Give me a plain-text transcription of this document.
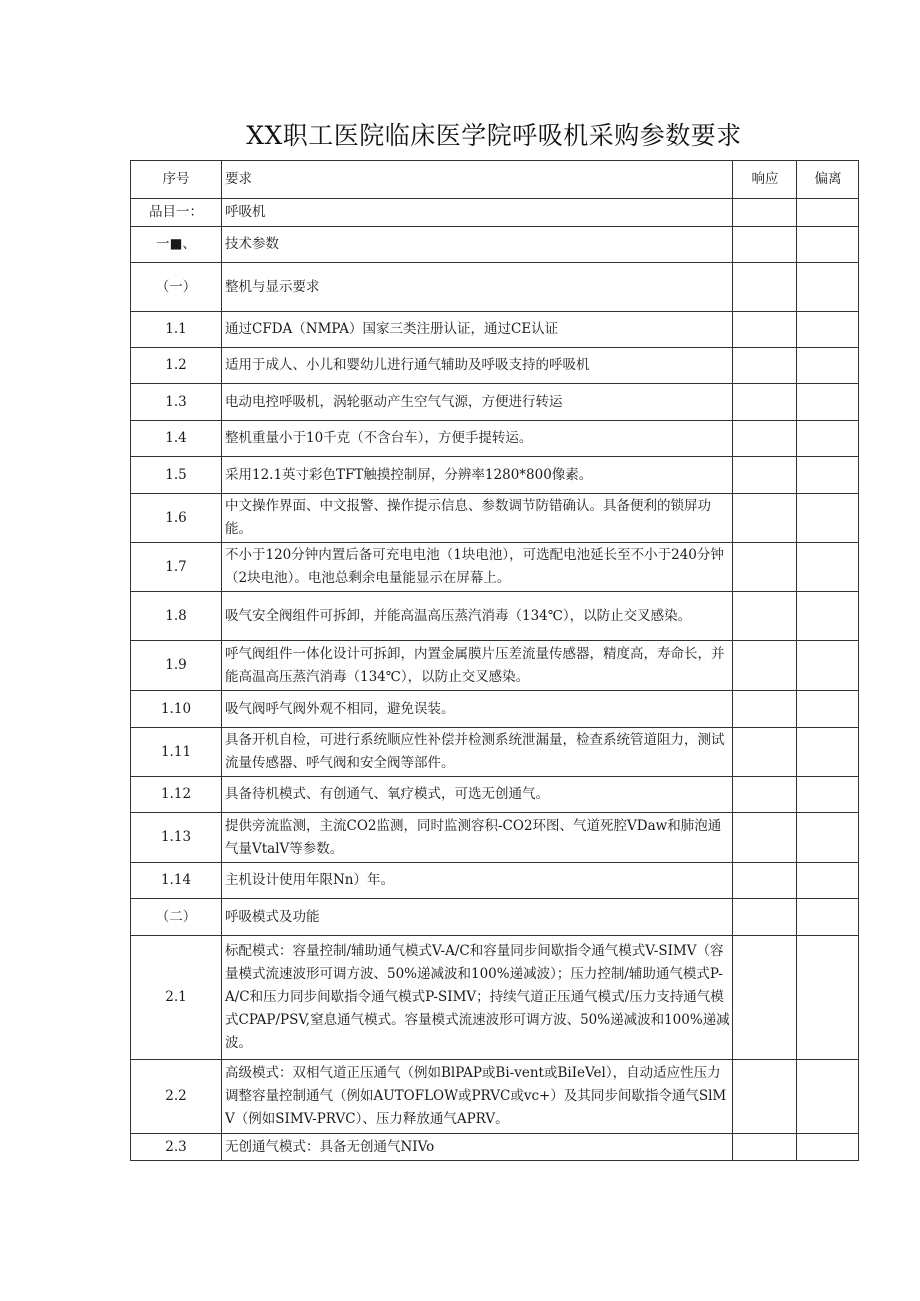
XX职工医院临床医学院呼吸机采购参数要求
序号	要求	响应	偏离
品目一：	呼吸机		
一■、	技术参数		
（一）	整机与显示要求		
1.1	通过CFDA（NMPA）国家三类注册认证，通过CE认证		
1.2	适用于成人、小儿和婴幼儿进行通气辅助及呼吸支持的呼吸机		
1.3	电动电控呼吸机，涡轮驱动产生空气气源，方便进行转运		
1.4	整机重量小于10千克（不含台车），方便手提转运。		
1.5	采用12.1英寸彩色TFT触摸控制屏，分辨率1280*800像素。		
1.6	中文操作界面、中文报警、操作提示信息、参数调节防错确认。具备便利的锁屏功能。		
1.7	不小于120分钟内置后备可充电电池（1块电池），可选配电池延长至不小于240分钟（2块电池）。电池总剩余电量能显示在屏幕上。		
1.8	吸气安全阀组件可拆卸，并能高温高压蒸汽消毒（134℃），以防止交叉感染。		
1.9	呼气阀组件一体化设计可拆卸，内置金属膜片压差流量传感器，精度高，寿命长，并能高温高压蒸汽消毒（134℃），以防止交叉感染。		
1.10	吸气阀呼气阀外观不相同，避免误装。		
1.11	具备开机自检，可进行系统顺应性补偿并检测系统泄漏量，检查系统管道阻力，测试流量传感器、呼气阀和安全阀等部件。		
1.12	具备待机模式、有创通气、氧疗模式，可选无创通气。		
1.13	提供旁流监测，主流CO2监测，同时监测容积-CO2环图、气道死腔VDaw和肺泡通气量VtalV等参数。		
1.14	主机设计使用年限Nn）年。		
（二）	呼吸模式及功能		
2.1	标配模式：容量控制/辅助通气模式V-A/C和容量同步间歇指令通气模式V-SIMV（容量模式流速波形可调方波、50%递减波和100%递减波）；压力控制/辅助通气模式P-A/C和压力同步间歇指令通气模式P-SIMV；持续气道正压通气模式/压力支持通气模式CPAP/PSV,窒息通气模式。容量模式流速波形可调方波、50%递减波和100%递减波。		
2.2	高级模式：双相气道正压通气（例如BlPAP或Bi-vent或BiIeVel），自动适应性压力调整容量控制通气（例如AUTOFLOW或PRVC或vc+）及其同步间歇指令通气SlMV（例如SIMV-PRVC）、压力释放通气APRV。		
2.3	无创通气模式：具备无创通气NIVo		
